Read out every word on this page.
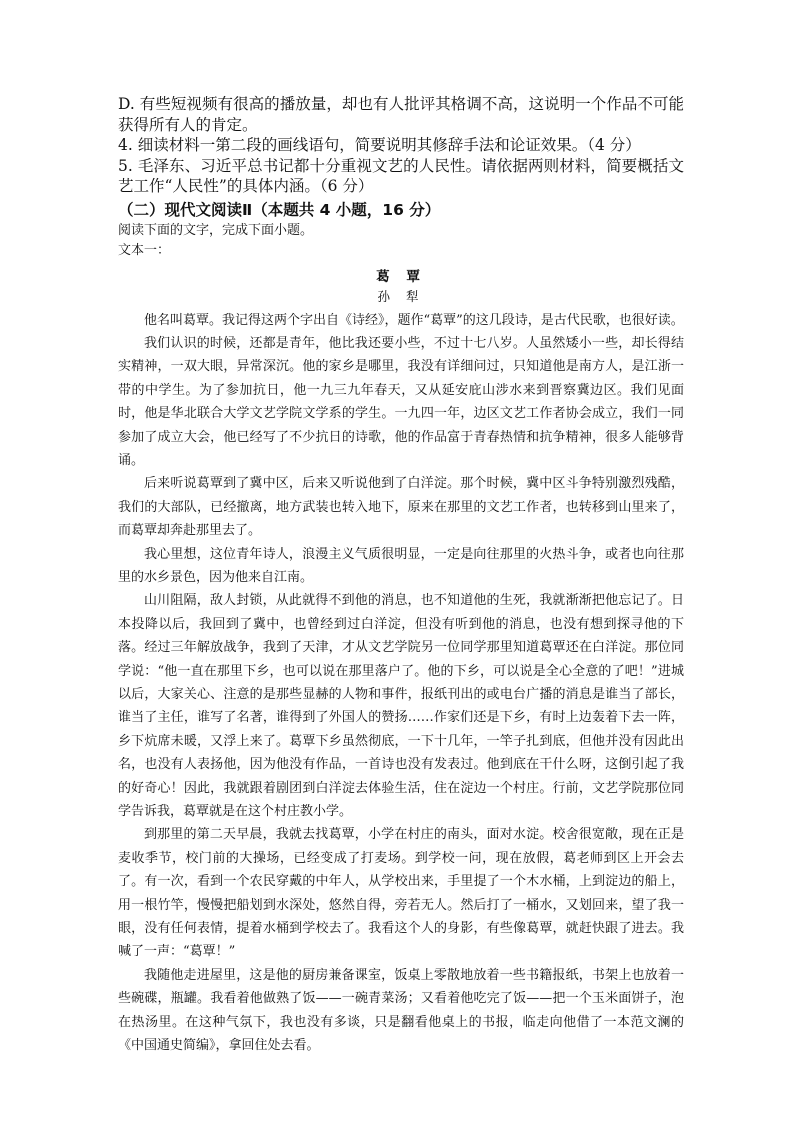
D. 有些短视频有很高的播放量，却也有人批评其格调不高，这说明一个作品不可能获得所有人的肯定。

4. 细读材料一第二段的画线语句，简要说明其修辞手法和论证效果。（4 分）

5. 毛泽东、习近平总书记都十分重视文艺的人民性。请依据两则材料，简要概括文艺工作“人民性”的具体内涵。（6 分）

（二）现代文阅读Ⅱ（本题共 4 小题，16 分）

阅读下面的文字，完成下面小题。

文本一：

葛 覃

孙 犁

他名叫葛覃。我记得这两个字出自《诗经》，题作“葛覃”的这几段诗，是古代民歌，也很好读。

我们认识的时候，还都是青年，他比我还要小些，不过十七八岁。人虽然矮小一些，却长得结实精神，一双大眼，异常深沉。他的家乡是哪里，我没有详细问过，只知道他是南方人，是江浙一带的中学生。为了参加抗日，他一九三九年春天，又从延安庇山涉水来到晋察冀边区。我们见面时，他是华北联合大学文艺学院文学系的学生。一九四一年，边区文艺工作者协会成立，我们一同参加了成立大会，他已经写了不少抗日的诗歌，他的作品富于青春热情和抗争精神，很多人能够背诵。

后来听说葛覃到了冀中区，后来又听说他到了白洋淀。那个时候，冀中区斗争特别激烈残酷，我们的大部队，已经撤离，地方武装也转入地下，原来在那里的文艺工作者，也转移到山里来了，而葛覃却奔赴那里去了。

我心里想，这位青年诗人，浪漫主义气质很明显，一定是向往那里的火热斗争，或者也向往那里的水乡景色，因为他来自江南。

山川阻隔，敌人封锁，从此就得不到他的消息，也不知道他的生死，我就渐渐把他忘记了。日本投降以后，我回到了冀中，也曾经到过白洋淀，但没有听到他的消息，也没有想到探寻他的下落。经过三年解放战争，我到了天津，才从文艺学院另一位同学那里知道葛覃还在白洋淀。那位同学说：“他一直在那里下乡，也可以说在那里落户了。他的下乡，可以说是全心全意的了吧！”进城以后，大家关心、注意的是那些显赫的人物和事件，报纸刊出的或电台广播的消息是谁当了部长，谁当了主任，谁写了名著，谁得到了外国人的赞扬……作家们还是下乡，有时上边轰着下去一阵，乡下炕席未暖，又浮上来了。葛覃下乡虽然彻底，一下十几年，一竿子扎到底，但他并没有因此出名，也没有人表扬他，因为他没有作品，一首诗也没有发表过。他到底在干什么呀，这倒引起了我的好奇心！因此，我就跟着剧团到白洋淀去体验生活，住在淀边一个村庄。行前，文艺学院那位同学告诉我，葛覃就是在这个村庄教小学。

到那里的第二天早晨，我就去找葛覃，小学在村庄的南头，面对水淀。校舍很宽敞，现在正是麦收季节，校门前的大操场，已经变成了打麦场。到学校一问，现在放假，葛老师到区上开会去了。有一次，看到一个农民穿戴的中年人，从学校出来，手里提了一个木水桶，上到淀边的船上，用一根竹竿，慢慢把船划到水深处，悠然自得，旁若无人。然后打了一桶水，又划回来，望了我一眼，没有任何表情，提着水桶到学校去了。我看这个人的身影，有些像葛覃，就赶快跟了进去。我喊了一声：“葛覃！”

我随他走进屋里，这是他的厨房兼备课室，饭桌上零散地放着一些书籍报纸，书架上也放着一些碗碟，瓶罐。我看着他做熟了饭——一碗青菜汤；又看着他吃完了饭——把一个玉米面饼子，泡在热汤里。在这种气氛下，我也没有多谈，只是翻看他桌上的书报，临走向他借了一本范文澜的《中国通史简编》，拿回住处去看。
